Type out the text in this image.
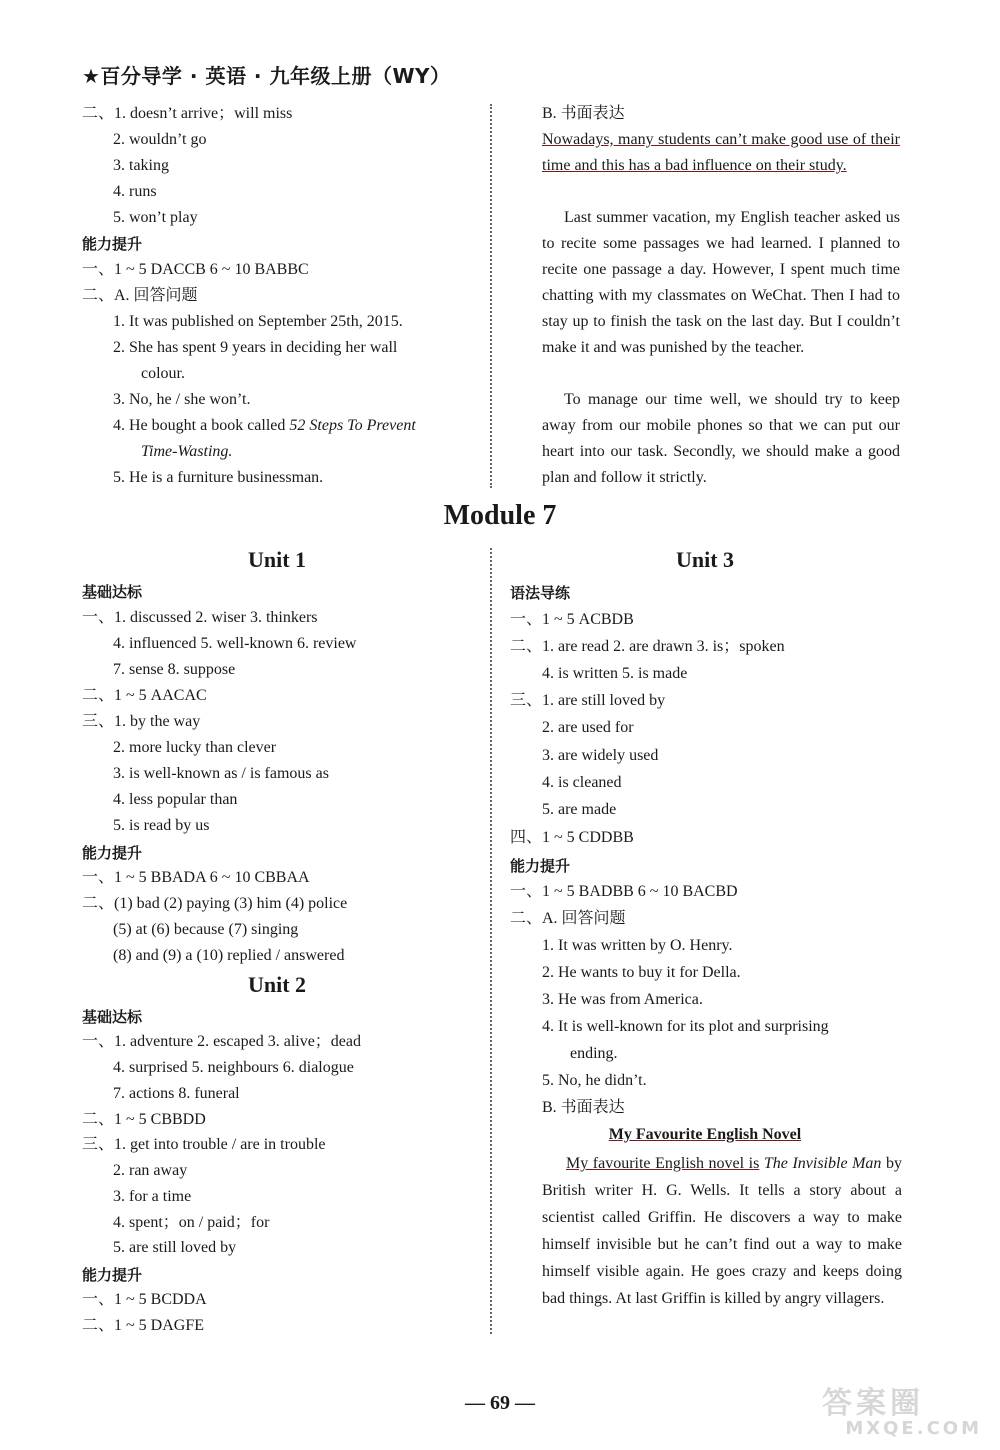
★百分导学 · 英语 · 九年级上册（WY）
二、1. doesn’t arrive；will miss
2. wouldn’t go
3. taking
4. runs
5. won’t play
能力提升
一、1 ~ 5 DACCB 6 ~ 10 BABBC
二、A. 回答问题
1. It was published on September 25th, 2015.
2. She has spent 9 years in deciding her wall
colour.
3. No, he / she won’t.
4. He bought a book called 52 Steps To Prevent
Time-Wasting.
5. He is a furniture businessman.
B. 书面表达
Nowadays, many students can’t make good use of their time and this has a bad influence on their study.
Last summer vacation, my English teacher asked us to recite some passages we had learned. I planned to recite one passage a day. However, I spent much time chatting with my classmates on WeChat. Then I had to stay up to finish the task on the last day. But I couldn’t make it and was punished by the teacher.
To manage our time well, we should try to keep away from our mobile phones so that we can put our heart into our task. Secondly, we should make a good plan and follow it strictly.
Module 7
Unit 1
基础达标
一、1. discussed 2. wiser 3. thinkers
4. influenced 5. well-known 6. review
7. sense 8. suppose
二、1 ~ 5 AACAC
三、1. by the way
2. more lucky than clever
3. is well-known as / is famous as
4. less popular than
5. is read by us
能力提升
一、1 ~ 5 BBADA 6 ~ 10 CBBAA
二、(1) bad (2) paying (3) him (4) police
(5) at (6) because (7) singing
(8) and (9) a (10) replied / answered
Unit 2
基础达标
一、1. adventure 2. escaped 3. alive；dead
4. surprised 5. neighbours 6. dialogue
7. actions 8. funeral
二、1 ~ 5 CBBDD
三、1. get into trouble / are in trouble
2. ran away
3. for a time
4. spent；on / paid；for
5. are still loved by
能力提升
一、1 ~ 5 BCDDA
二、1 ~ 5 DAGFE
Unit 3
语法导练
一、1 ~ 5 ACBDB
二、1. are read 2. are drawn 3. is；spoken
4. is written 5. is made
三、1. are still loved by
2. are used for
3. are widely used
4. is cleaned
5. are made
四、1 ~ 5 CDDBB
能力提升
一、1 ~ 5 BADBB 6 ~ 10 BACBD
二、A. 回答问题
1. It was written by O. Henry.
2. He wants to buy it for Della.
3. He was from America.
4. It is well-known for its plot and surprising
ending.
5. No, he didn’t.
B. 书面表达
My Favourite English Novel
My favourite English novel is The Invisible Man by British writer H. G. Wells. It tells a story about a scientist called Griffin. He discovers a way to make himself invisible but he can’t find out a way to make himself visible again. He goes crazy and keeps doing bad things. At last Griffin is killed by angry villagers.
— 69 —	答案圈
MXQE.COM
